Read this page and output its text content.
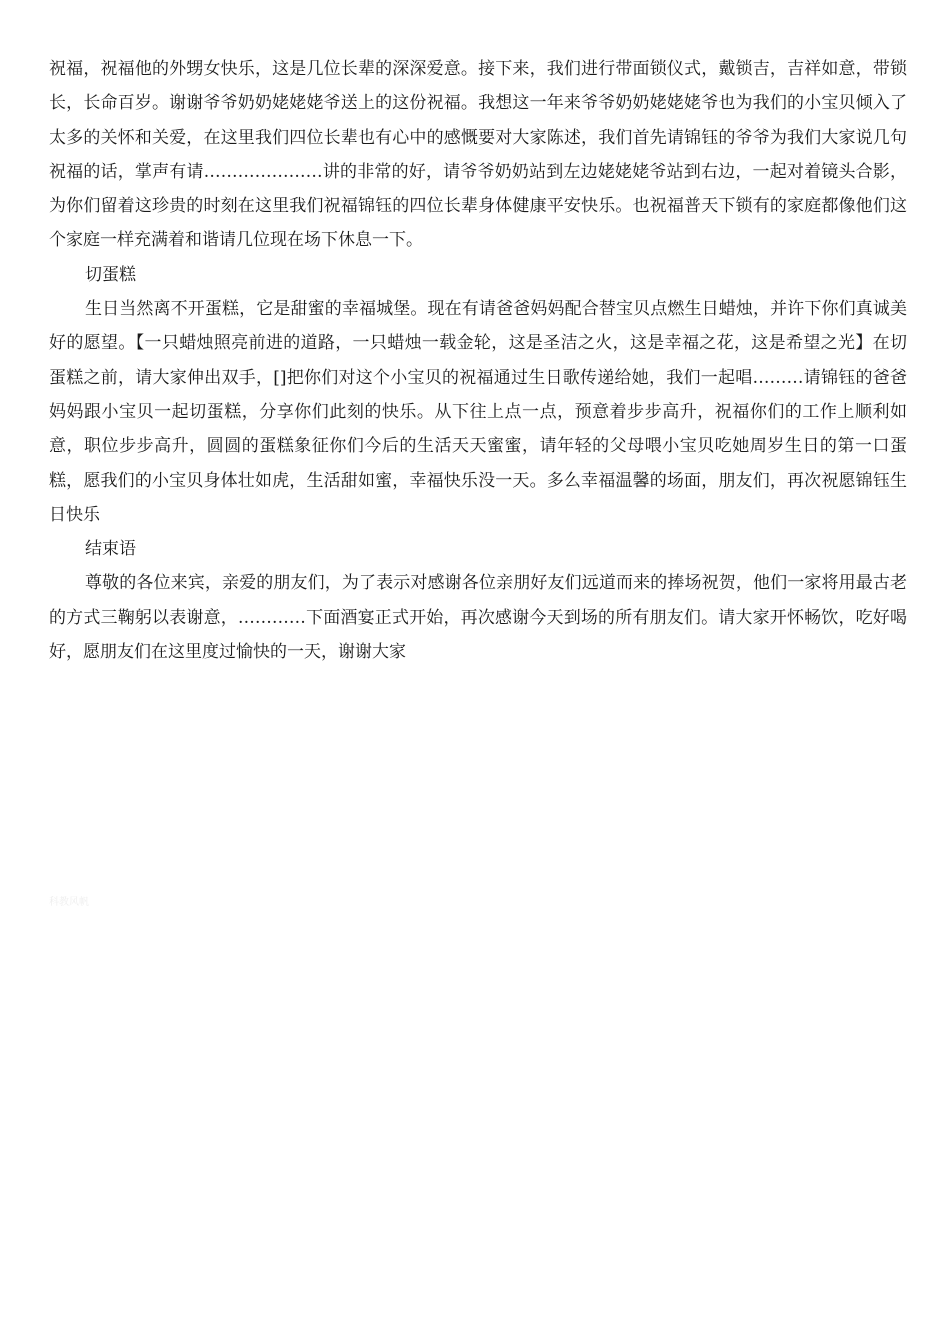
祝福，祝福他的外甥女快乐，这是几位长辈的深深爱意。接下来，我们进行带面锁仪式，戴锁吉，吉祥如意，带锁长，长命百岁。谢谢爷爷奶奶姥姥姥爷送上的这份祝福。我想这一年来爷爷奶奶姥姥姥爷也为我们的小宝贝倾入了太多的关怀和关爱，在这里我们四位长辈也有心中的感慨要对大家陈述，我们首先请锦钰的爷爷为我们大家说几句祝福的话，掌声有请…………………讲的非常的好，请爷爷奶奶站到左边姥姥姥爷站到右边，一起对着镜头合影，为你们留着这珍贵的时刻在这里我们祝福锦钰的四位长辈身体健康平安快乐。也祝福普天下锁有的家庭都像他们这个家庭一样充满着和谐请几位现在场下休息一下。

切蛋糕

生日当然离不开蛋糕，它是甜蜜的幸福城堡。现在有请爸爸妈妈配合替宝贝点燃生日蜡烛，并许下你们真诚美好的愿望。【一只蜡烛照亮前进的道路，一只蜡烛一载金轮，这是圣洁之火，这是幸福之花，这是希望之光】在切蛋糕之前，请大家伸出双手，[]把你们对这个小宝贝的祝福通过生日歌传递给她，我们一起唱………请锦钰的爸爸妈妈跟小宝贝一起切蛋糕，分享你们此刻的快乐。从下往上点一点，预意着步步高升，祝福你们的工作上顺利如意，职位步步高升，圆圆的蛋糕象征你们今后的生活天天蜜蜜，请年轻的父母喂小宝贝吃她周岁生日的第一口蛋糕，愿我们的小宝贝身体壮如虎，生活甜如蜜，幸福快乐没一天。多么幸福温馨的场面，朋友们，再次祝愿锦钰生日快乐

结束语

尊敬的各位来宾，亲爱的朋友们，为了表示对感谢各位亲朋好友们远道而来的捧场祝贺，他们一家将用最古老的方式三鞠躬以表谢意，…………下面酒宴正式开始，再次感谢今天到场的所有朋友们。请大家开怀畅饮，吃好喝好，愿朋友们在这里度过愉快的一天，谢谢大家

科教风帆
